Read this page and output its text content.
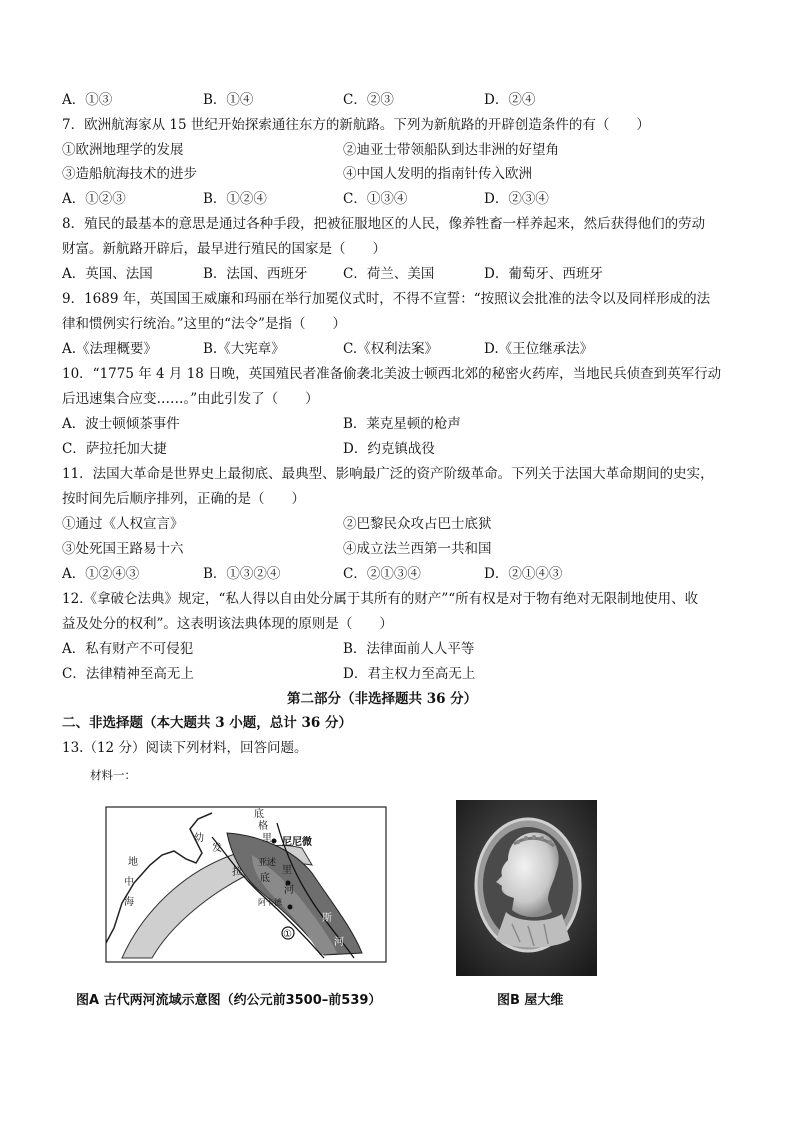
A．①③	B．①④	C．②③	D．②④
7．欧洲航海家从 15 世纪开始探索通往东方的新航路。下列为新航路的开辟创造条件的有（　　）
①欧洲地理学的发展	②迪亚士带领船队到达非洲的好望角
③造船航海技术的进步	④中国人发明的指南针传入欧洲
A．①②③	B．①②④	C．①③④	D．②③④
8．殖民的最基本的意思是通过各种手段，把被征服地区的人民，像养牲畜一样养起来，然后获得他们的劳动
财富。新航路开辟后，最早进行殖民的国家是（　　）
A．英国、法国	B．法国、西班牙	C．荷兰、美国	D．葡萄牙、西班牙
9．1689 年，英国国王威廉和玛丽在举行加冕仪式时，不得不宣誓：“按照议会批准的法令以及同样形成的法
律和惯例实行统治。”这里的“法令”是指（　　）
A.《法理概要》	B.《大宪章》	C.《权利法案》	D.《王位继承法》
10．“1775 年 4 月 18 日晚，英国殖民者准备偷袭北美波士顿西北郊的秘密火药库，当地民兵侦查到英军行动
后迅速集合应变……。”由此引发了（　　）
A．波士顿倾茶事件	B．莱克星顿的枪声
C．萨拉托加大捷	D．约克镇战役
11．法国大革命是世界史上最彻底、最典型、影响最广泛的资产阶级革命。下列关于法国大革命期间的史实，
按时间先后顺序排列，正确的是（　　）
①通过《人权宣言》	②巴黎民众攻占巴士底狱
③处死国王路易十六	④成立法兰西第一共和国
A．①②④③	B．①③②④	C．②①③④	D．②①④③
12.《拿破仑法典》规定，“私人得以自由处分属于其所有的财产”“所有权是对于物有绝对无限制地使用、收
益及处分的权利”。这表明该法典体现的原则是（　　）
A．私有财产不可侵犯	B．法律面前人人平等
C．法律精神至高无上	D．君主权力至高无上
第二部分（非选择题共 36 分）
二、非选择题（本大题共 3 小题，总计 36 分）
13.（12 分）阅读下列材料，回答问题。
材料一：
底
格
里 尼尼微
幼
发
亚述
拉
底
里
河
阿卡德
斯
河
①
地
中
海
图A 古代两河流域示意图（约公元前3500–前539）	图B 屋大维
